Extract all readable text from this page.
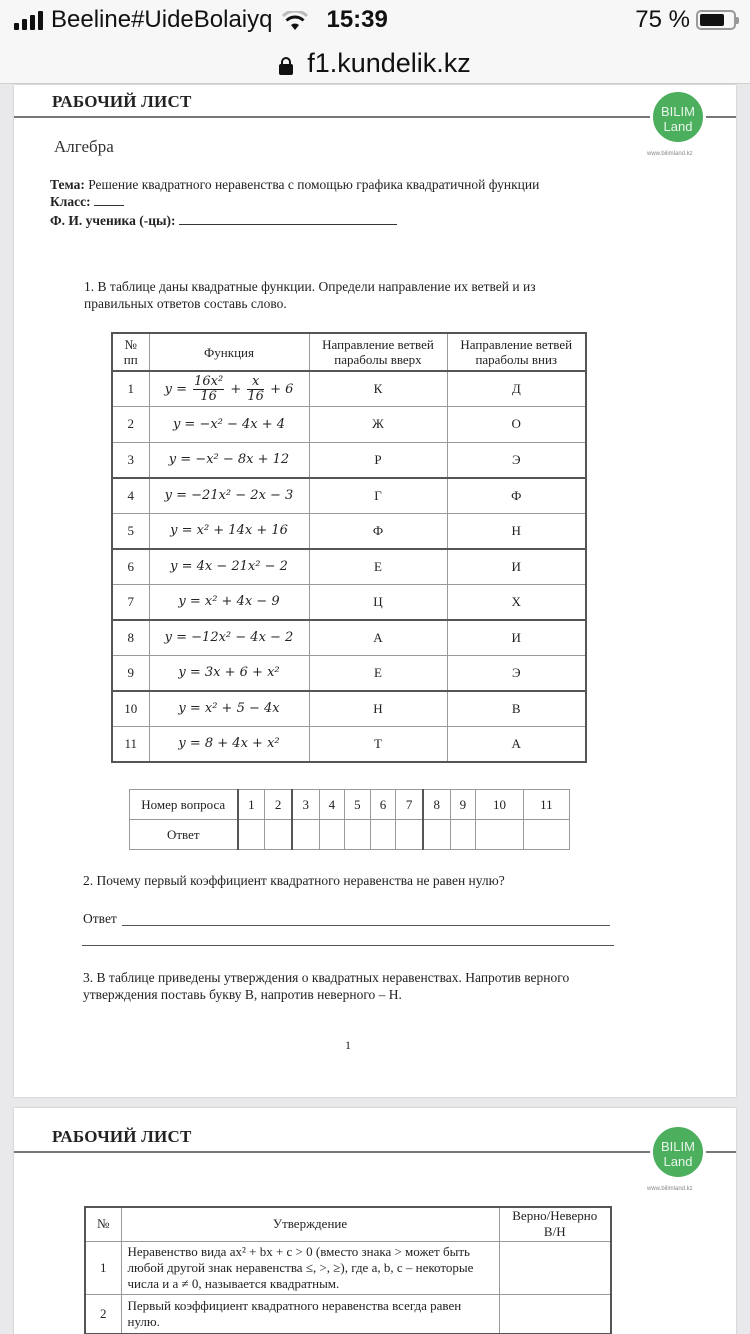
Beeline#UideBolaiyq 15:39	75 %
f1.kundelik.kz
РАБОЧИЙ ЛИСТ
BILIM
Land
www.bilimland.kz
Алгебра
Тема: Решение квадратного неравенства с помощью графика квадратичной функции
Класс:
Ф. И. ученика (-цы):
1. В таблице даны квадратные функции. Определи направление их ветвей и из правильных ответов составь слово.
№
пп	Функция	Направление ветвей
параболы вверх	Направление ветвей
параболы вниз
1	$y = \frac{\text{16x²}}{16} + \frac{x}{16} + 6$	К	Д
2	y = −x² − 4x + 4	Ж	О
3	y = −x² − 8x + 12	Р	Э
4	y = −21x² − 2x − 3	Г	Ф
5	y = x² + 14x + 16	Ф	Н
6	y = 4x − 21x² − 2	Е	И
7	y = x² + 4x − 9	Ц	Х
8	y = −12x² − 4x − 2	А	И
9	y = 3x + 6 + x²	Е	Э
10	y = x² + 5 − 4x	Н	В
11	y = 8 + 4x + x²	Т	А
Номер вопроса	1	2	3	4	5	6	7	8	9	10	11
Ответ											
2. Почему первый коэффициент квадратного неравенства не равен нулю?
Ответ
3. В таблице приведены утверждения о квадратных неравенствах. Напротив верного утверждения поставь букву В, напротив неверного – Н.
1
РАБОЧИЙ ЛИСТ
BILIM
Land
www.bilimland.kz
№	Утверждение	Верно/Неверно
В/Н
1	Неравенство вида ax² + bx + c > 0 (вместо знака > может быть любой другой знак неравенства ≤, >, ≥), где a, b, c – некоторые числа и a ≠ 0, называется квадратным.	
2	Первый коэффициент квадратного неравенства всегда равен нулю.	
